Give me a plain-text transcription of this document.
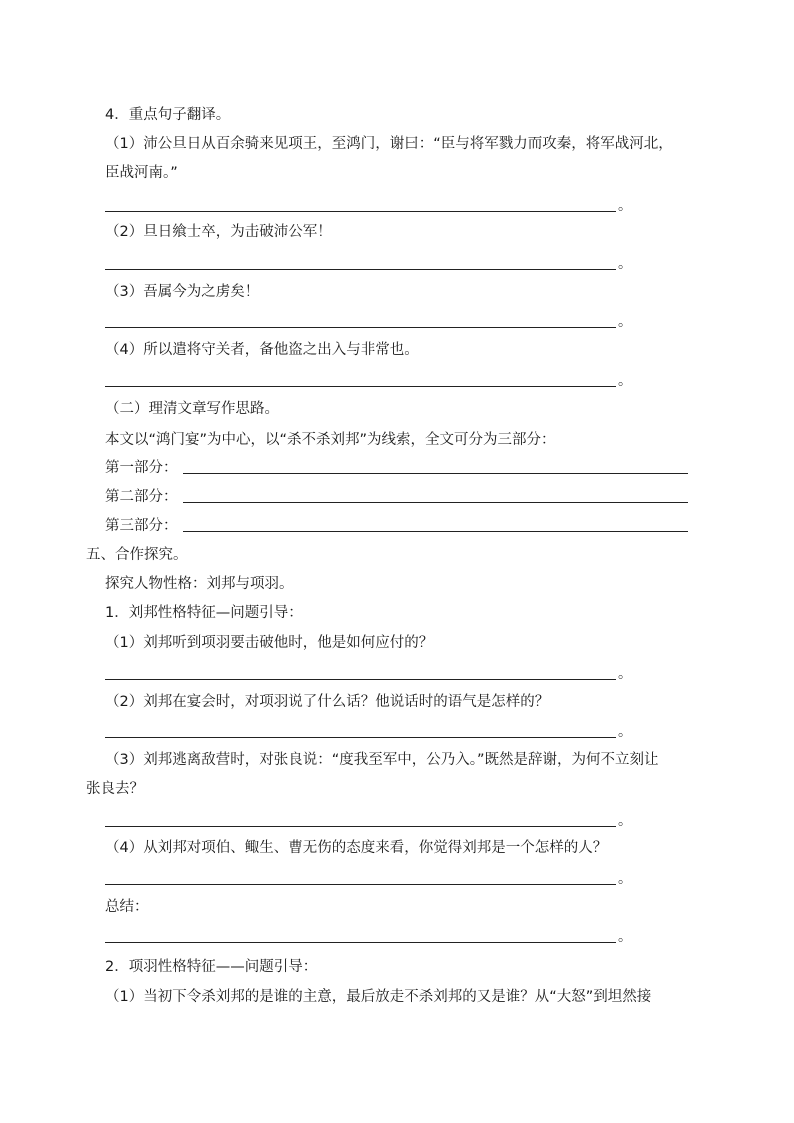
4．重点句子翻译。
（1）沛公旦日从百余骑来见项王，至鸿门，谢曰：“臣与将军戮力而攻秦，将军战河北，
臣战河南。”
。
（2）旦日飨士卒，为击破沛公军！
。
（3）吾属今为之虏矣！
。
（4）所以遣将守关者，备他盗之出入与非常也。
。
（二）理清文章写作思路。
本文以“鸿门宴”为中心，以“杀不杀刘邦”为线索，全文可分为三部分：
第一部分：
第二部分：
第三部分：
五、合作探究。
探究人物性格：刘邦与项羽。
1．刘邦性格特征—问题引导：
（1）刘邦听到项羽要击破他时，他是如何应付的？
。
（2）刘邦在宴会时，对项羽说了什么话？他说话时的语气是怎样的？
。
（3）刘邦逃离敌营时，对张良说：“度我至军中，公乃入。”既然是辞谢，为何不立刻让
张良去？
。
（4）从刘邦对项伯、鲰生、曹无伤的态度来看，你觉得刘邦是一个怎样的人？
。
总结：
。
2．项羽性格特征——问题引导：
（1）当初下令杀刘邦的是谁的主意，最后放走不杀刘邦的又是谁？从“大怒”到坦然接
